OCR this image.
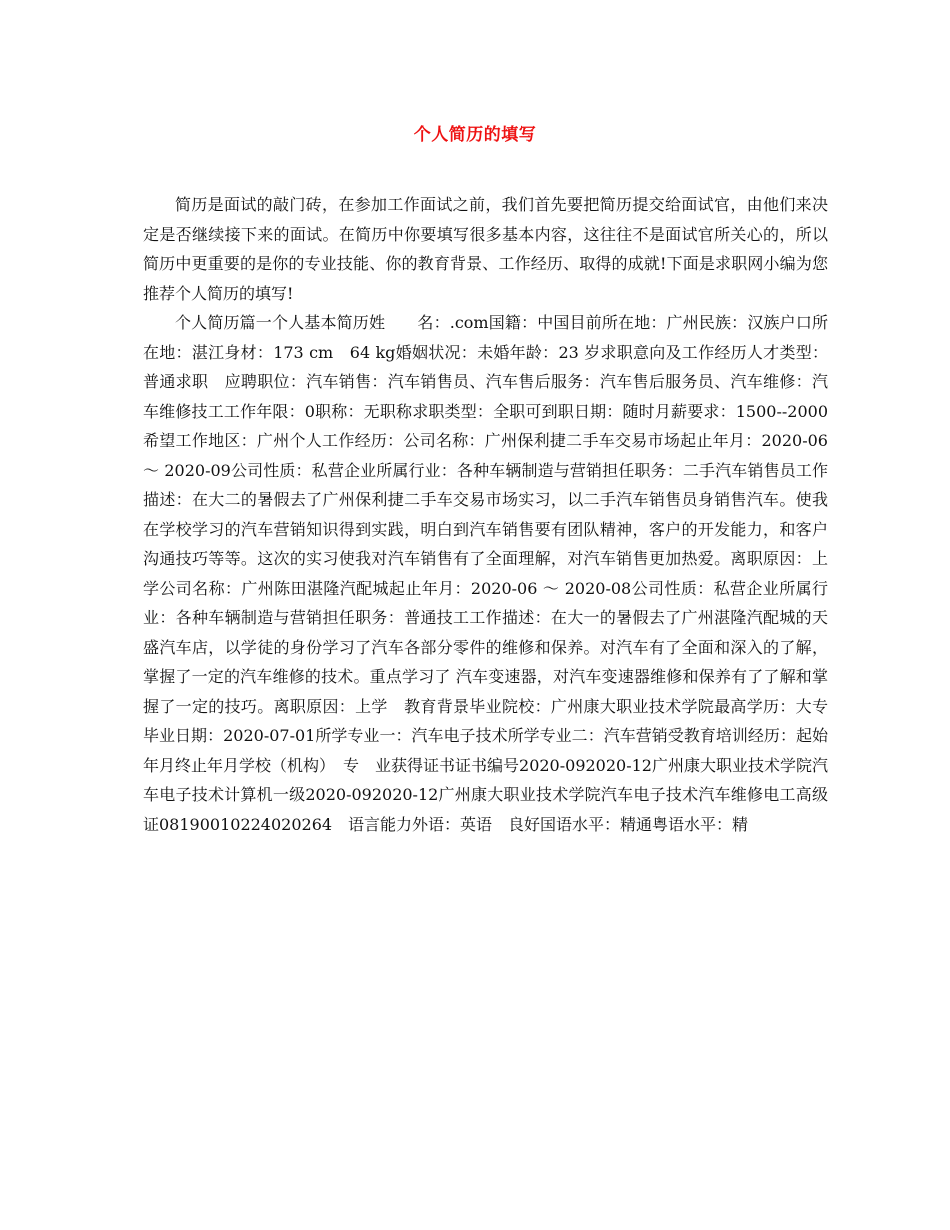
个人简历的填写

简历是面试的敲门砖，在参加工作面试之前，我们首先要把简历提交给面试官，由他们来决定是否继续接下来的面试。在简历中你要填写很多基本内容，这往往不是面试官所关心的，所以简历中更重要的是你的专业技能、你的教育背景、工作经历、取得的成就!下面是求职网小编为您推荐个人简历的填写!

个人简历篇一个人基本简历姓　　名：.com国籍：中国目前所在地：广州民族：汉族户口所在地：湛江身材：173 cm　64 kg婚姻状况：未婚年龄：23 岁求职意向及工作经历人才类型：普通求职　应聘职位：汽车销售：汽车销售员、汽车售后服务：汽车售后服务员、汽车维修：汽车维修技工工作年限：0职称：无职称求职类型：全职可到职日期：随时月薪要求：1500--2000希望工作地区：广州个人工作经历：公司名称：广州保利捷二手车交易市场起止年月：2020-06 ～ 2020-09公司性质：私营企业所属行业：各种车辆制造与营销担任职务：二手汽车销售员工作描述：在大二的暑假去了广州保利捷二手车交易市场实习，以二手汽车销售员身销售汽车。使我在学校学习的汽车营销知识得到实践，明白到汽车销售要有团队精神，客户的开发能力，和客户沟通技巧等等。这次的实习使我对汽车销售有了全面理解，对汽车销售更加热爱。离职原因：上学公司名称：广州陈田湛隆汽配城起止年月：2020-06 ～ 2020-08公司性质：私营企业所属行业：各种车辆制造与营销担任职务：普通技工工作描述：在大一的暑假去了广州湛隆汽配城的天盛汽车店，以学徒的身份学习了汽车各部分零件的维修和保养。对汽车有了全面和深入的了解，掌握了一定的汽车维修的技术。重点学习了 汽车变速器，对汽车变速器维修和保养有了了解和掌握了一定的技巧。离职原因：上学　教育背景毕业院校：广州康大职业技术学院最高学历：大专毕业日期：2020-07-01所学专业一：汽车电子技术所学专业二：汽车营销受教育培训经历：起始年月终止年月学校（机构）　专　业获得证书证书编号2020-092020-12广州康大职业技术学院汽车电子技术计算机一级2020-092020-12广州康大职业技术学院汽车电子技术汽车维修电工高级证08190010224020264　语言能力外语：英语　良好国语水平：精通粤语水平：精
